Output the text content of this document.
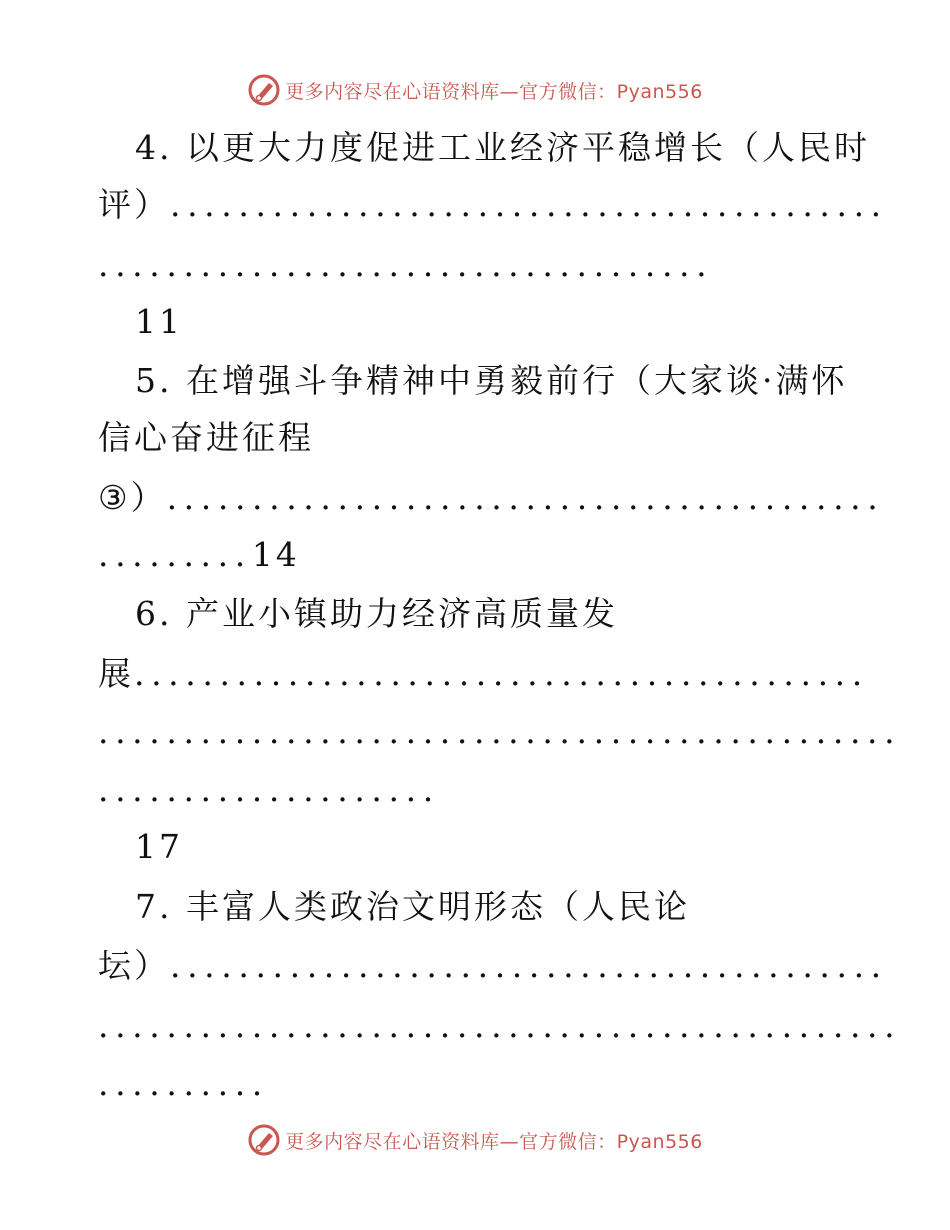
更多内容尽在心语资料库—官方微信：Pyan556
4. 以更大力度促进工业经济平稳增长（人民时
评）..........................................
....................................
11
5. 在增强斗争精神中勇毅前行（大家谈·满怀
信心奋进征程
③）..........................................
.........14
6. 产业小镇助力经济高质量发
展...........................................
...............................................
....................
17
7. 丰富人类政治文明形态（人民论
坛）..........................................
...............................................
..........
更多内容尽在心语资料库—官方微信：Pyan556
